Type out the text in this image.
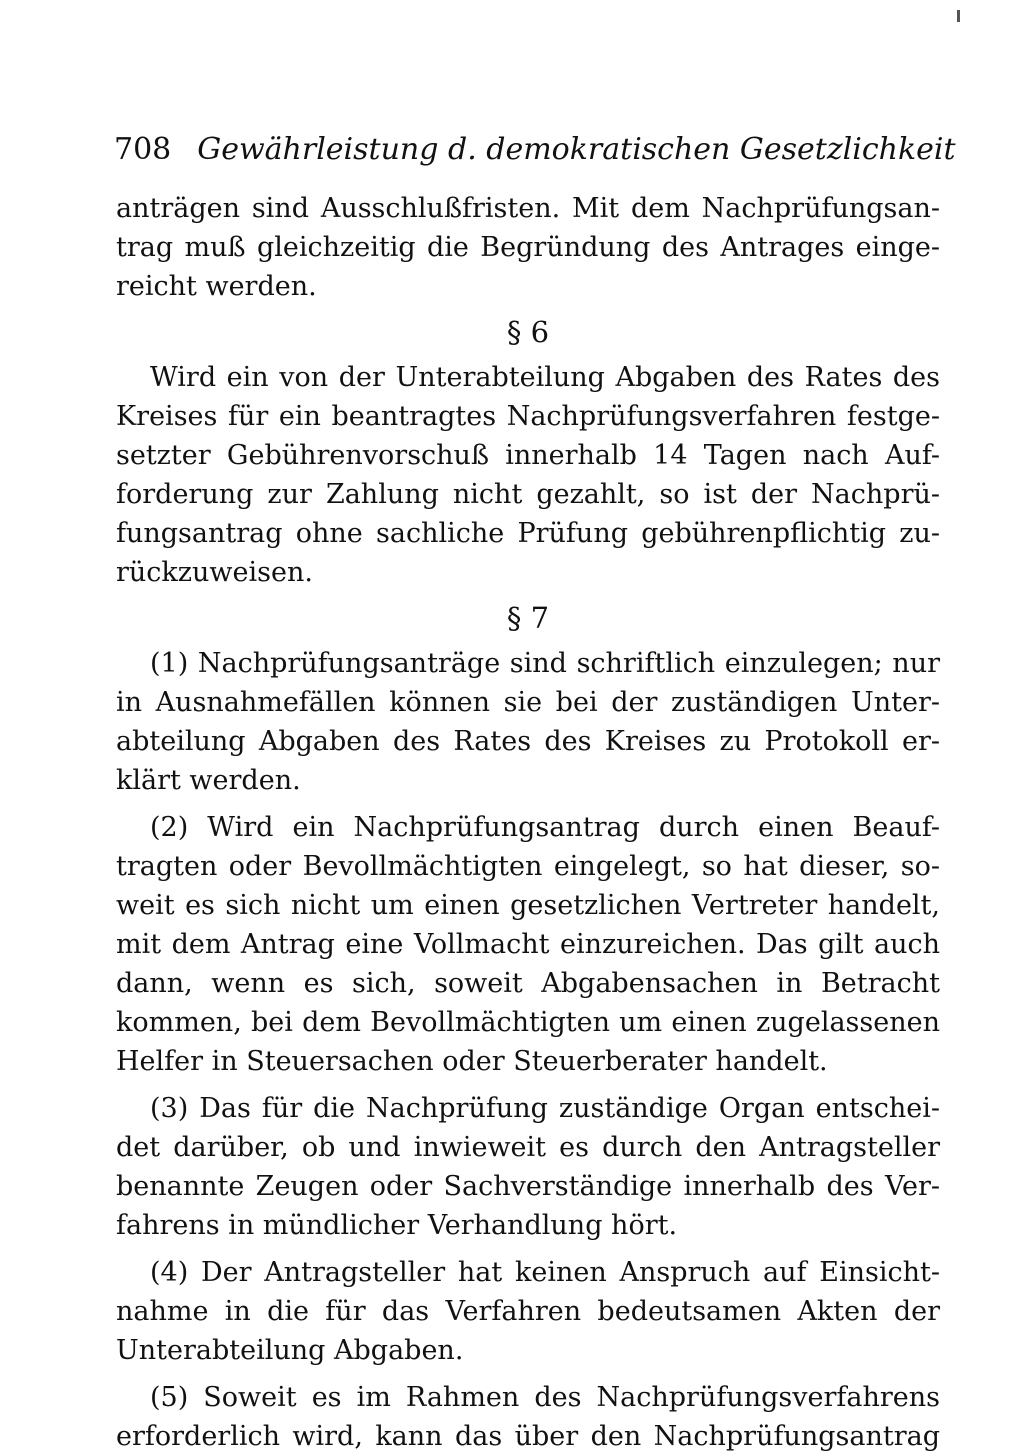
708 Gewährleistung d. demokratischen Gesetzlichkeit
anträgen sind Ausschlußfristen. Mit dem Nachprüfungsan-
trag muß gleichzeitig die Begründung des Antrages einge-
reicht werden.
§ 6
Wird ein von der Unterabteilung Abgaben des Rates des
Kreises für ein beantragtes Nachprüfungsverfahren festge-
setzter Gebührenvorschuß innerhalb 14 Tagen nach Auf-
forderung zur Zahlung nicht gezahlt, so ist der Nachprü-
fungsantrag ohne sachliche Prüfung gebührenpflichtig zu-
rückzuweisen.
§ 7
(1) Nachprüfungsanträge sind schriftlich einzulegen; nur
in Ausnahmefällen können sie bei der zuständigen Unter-
abteilung Abgaben des Rates des Kreises zu Protokoll er-
klärt werden.
(2) Wird ein Nachprüfungsantrag durch einen Beauf-
tragten oder Bevollmächtigten eingelegt, so hat dieser, so-
weit es sich nicht um einen gesetzlichen Vertreter handelt,
mit dem Antrag eine Vollmacht einzureichen. Das gilt auch
dann, wenn es sich, soweit Abgabensachen in Betracht
kommen, bei dem Bevollmächtigten um einen zugelassenen
Helfer in Steuersachen oder Steuerberater handelt.
(3) Das für die Nachprüfung zuständige Organ entschei-
det darüber, ob und inwieweit es durch den Antragsteller
benannte Zeugen oder Sachverständige innerhalb des Ver-
fahrens in mündlicher Verhandlung hört.
(4) Der Antragsteller hat keinen Anspruch auf Einsicht-
nahme in die für das Verfahren bedeutsamen Akten der
Unterabteilung Abgaben.
(5) Soweit es im Rahmen des Nachprüfungsverfahrens
erforderlich wird, kann das über den Nachprüfungsantrag
